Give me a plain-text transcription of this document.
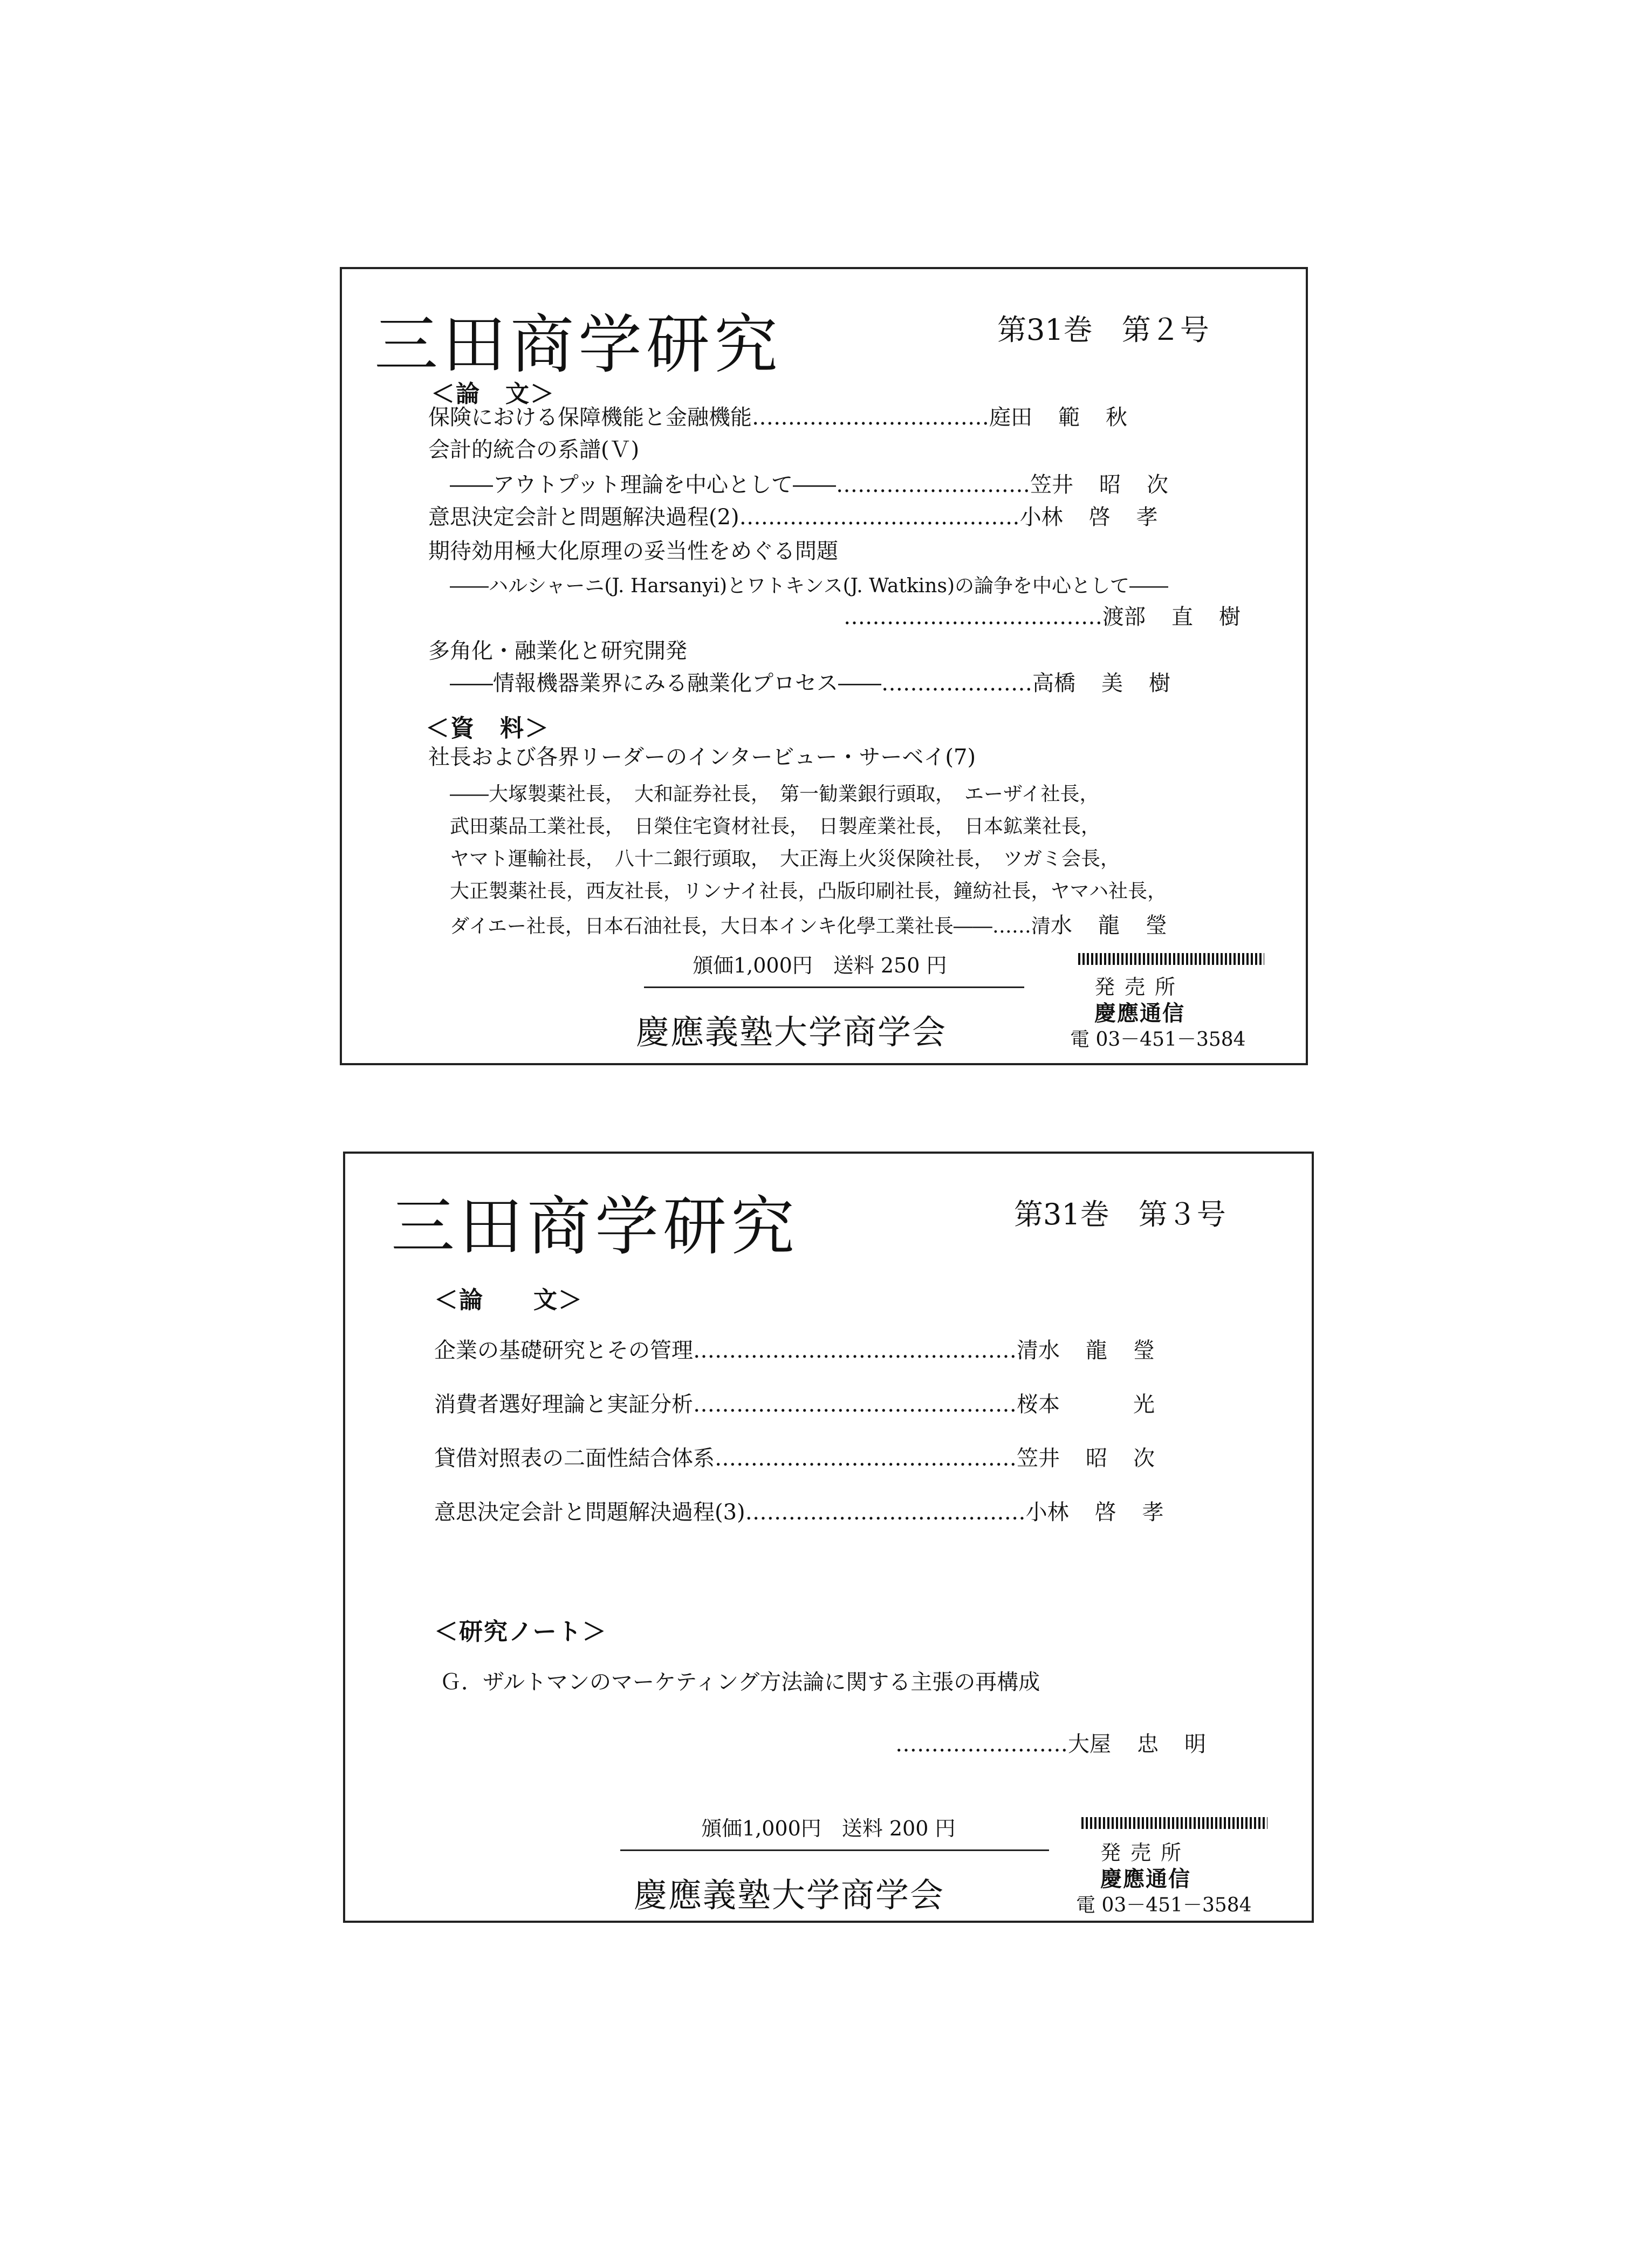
三田商学研究	第31巻　第２号
＜論　文＞
保険における保障機能と金融機能……………………………庭田範秋
会計的統合の系譜(Ｖ)
――アウトプット理論を中心として――………………………笠井昭次
意思決定会計と問題解決過程(2)…………………………………小林啓孝
期待効用極大化原理の妥当性をめぐる問題
――ハルシャーニ(J. Harsanyi)とワトキンス(J. Watkins)の論争を中心として――
………………………………渡部直樹
多角化・融業化と研究開発
――情報機器業界にみる融業化プロセス――…………………高橋美樹
＜資　料＞
社長および各界リーダーのインタービュー・サーベイ(7)
――大塚製薬社長，　大和証券社長，　第一勧業銀行頭取，　エーザイ社長，
武田薬品工業社長，　日榮住宅資材社長，　日製産業社長，　日本鉱業社長，
ヤマト運輸社長，　八十二銀行頭取，　大正海上火災保険社長，　ツガミ会長，
大正製薬社長，西友社長，リンナイ社長，凸版印刷社長，鐘紡社長，ヤマハ社長，
ダイエー社長，日本石油社長，大日本インキ化學工業社長――……清水龍瑩
頒価1,000円　送料 250 円
慶應義塾大学商学会
発売所
慶應通信
電 03－451－3584
三田商学研究	第31巻　第３号
＜論　　文＞
企業の基礎研究とその管理………………………………………清水龍瑩
消費者選好理論と実証分析………………………………………桜本　光
貸借対照表の二面性結合体系……………………………………笠井昭次
意思決定会計と問題解決過程(3)…………………………………小林啓孝
＜研究ノート＞
Ｇ．ザルトマンのマーケティング方法論に関する主張の再構成
……………………大屋忠明
頒価1,000円　送料 200 円
慶應義塾大学商学会
発売所
慶應通信
電 03－451－3584
